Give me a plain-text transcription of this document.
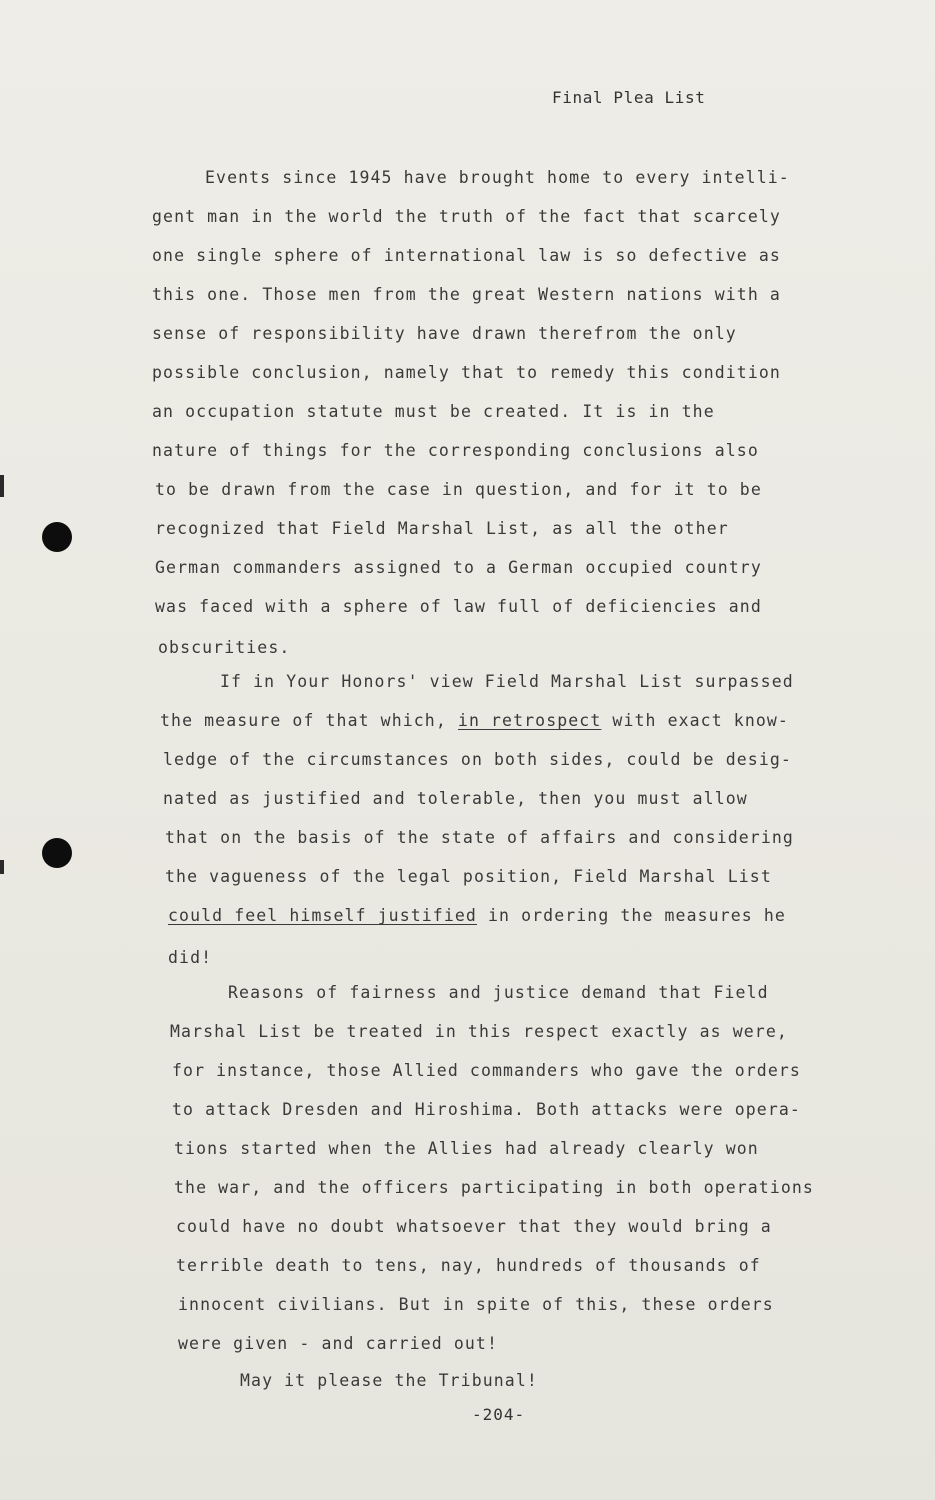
Final Plea List
Events since 1945 have brought home to every intelli-
gent man in the world the truth of the fact that scarcely
one single sphere of international law is so defective as
this one. Those men from the great Western nations with a
sense of responsibility have drawn therefrom the only
possible conclusion, namely that to remedy this condition
an occupation statute must be created. It is in the
nature of things for the corresponding conclusions also
to be drawn from the case in question, and for it to be
recognized that Field Marshal List, as all the other
German commanders assigned to a German occupied country
was faced with a sphere of law full of deficiencies and
obscurities.
If in Your Honors' view Field Marshal List surpassed
the measure of that which, in retrospect with exact know-
ledge of the circumstances on both sides, could be desig-
nated as justified and tolerable, then you must allow
that on the basis of the state of affairs and considering
the vagueness of the legal position, Field Marshal List
could feel himself justified in ordering the measures he
did!
Reasons of fairness and justice demand that Field
Marshal List be treated in this respect exactly as were,
for instance, those Allied commanders who gave the orders
to attack Dresden and Hiroshima. Both attacks were opera-
tions started when the Allies had already clearly won
the war, and the officers participating in both operations
could have no doubt whatsoever that they would bring a
terrible death to tens, nay, hundreds of thousands of
innocent civilians. But in spite of this, these orders
were given - and carried out!
May it please the Tribunal!
-204-
